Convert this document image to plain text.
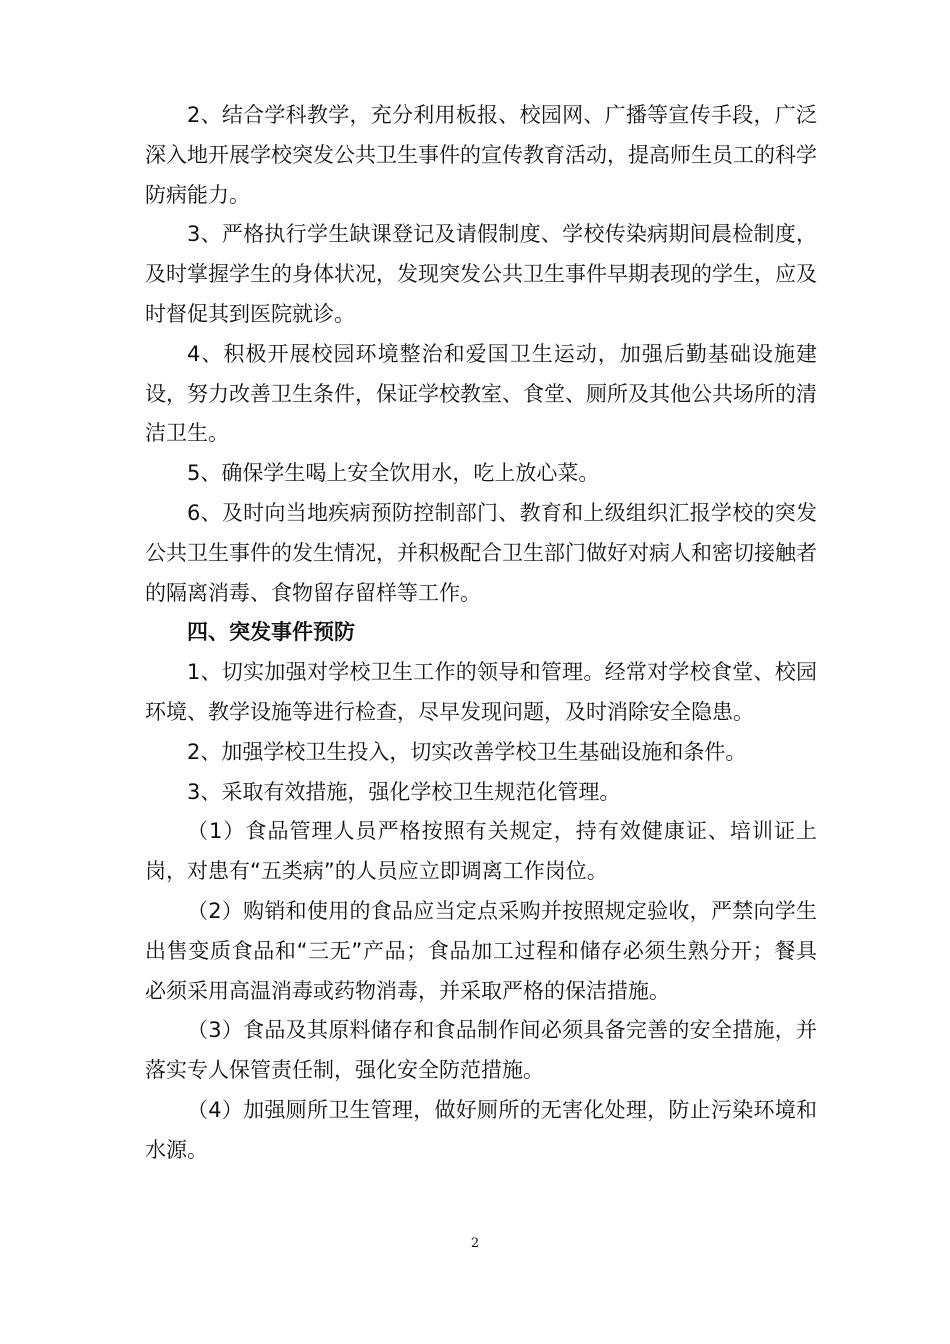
2、结合学科教学，充分利用板报、校园网、广播等宣传手段，广泛深入地开展学校突发公共卫生事件的宣传教育活动，提高师生员工的科学防病能力。

3、严格执行学生缺课登记及请假制度、学校传染病期间晨检制度，及时掌握学生的身体状况，发现突发公共卫生事件早期表现的学生，应及时督促其到医院就诊。

4、积极开展校园环境整治和爱国卫生运动，加强后勤基础设施建设，努力改善卫生条件，保证学校教室、食堂、厕所及其他公共场所的清洁卫生。

5、确保学生喝上安全饮用水，吃上放心菜。

6、及时向当地疾病预防控制部门、教育和上级组织汇报学校的突发公共卫生事件的发生情况，并积极配合卫生部门做好对病人和密切接触者的隔离消毒、食物留存留样等工作。

四、突发事件预防

1、切实加强对学校卫生工作的领导和管理。经常对学校食堂、校园环境、教学设施等进行检查，尽早发现问题，及时消除安全隐患。

2、加强学校卫生投入，切实改善学校卫生基础设施和条件。

3、采取有效措施，强化学校卫生规范化管理。

（1）食品管理人员严格按照有关规定，持有效健康证、培训证上岗，对患有“五类病”的人员应立即调离工作岗位。

（2）购销和使用的食品应当定点采购并按照规定验收，严禁向学生出售变质食品和“三无”产品；食品加工过程和储存必须生熟分开；餐具必须采用高温消毒或药物消毒，并采取严格的保洁措施。

（3）食品及其原料储存和食品制作间必须具备完善的安全措施，并落实专人保管责任制，强化安全防范措施。

（4）加强厕所卫生管理，做好厕所的无害化处理，防止污染环境和水源。

2
